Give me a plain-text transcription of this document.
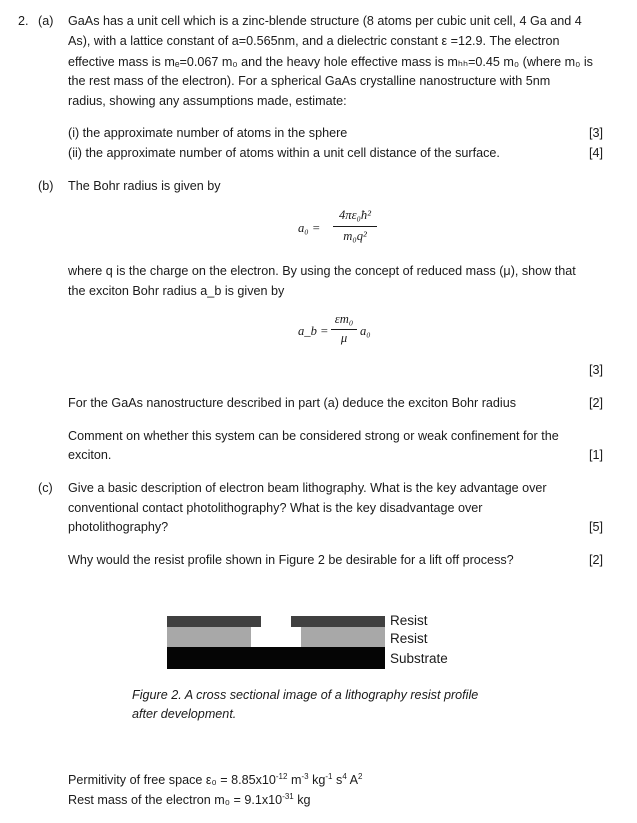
2. (a) GaAs has a unit cell which is a zinc-blende structure (8 atoms per cubic unit cell, 4 Ga and 4
As), with a lattice constant of a=0.565nm, and a dielectric constant ε =12.9. The electron
effective mass is mₑ=0.067 m₀ and the heavy hole effective mass is mₕₕ=0.45 m₀ (where m₀ is
the rest mass of the electron). For a spherical GaAs crystalline nanostructure with 5nm
radius, showing any assumptions made, estimate:
(i) the approximate number of atoms in the sphere	[3]
(ii) the approximate number of atoms within a unit cell distance of the surface.	[4]
(b) The Bohr radius is given by
a₀ =
4πε₀ħ²
m₀q²
where q is the charge on the electron. By using the concept of reduced mass (μ), show that
the exciton Bohr radius a_b is given by
a_b =
εm₀
μ	a₀
[3]
For the GaAs nanostructure described in part (a) deduce the exciton Bohr radius	[2]
Comment on whether this system can be considered strong or weak confinement for the
exciton.	[1]
(c) Give a basic description of electron beam lithography. What is the key advantage over
conventional contact photolithography? What is the key disadvantage over
photolithography?	[5]
Why would the resist profile shown in Figure 2 be desirable for a lift off process?	[2]
Resist
Resist
Substrate
Figure 2. A cross sectional image of a lithography resist profile
after development.
Permitivity of free space $\varepsilon_0 = 8.85x10^{-12}$ $m^{-3}$ $kg^{-1}$ $s^4$ $A^2$
Rest mass of the electron $m_0 = 9.1x10^{-31}$ kg
